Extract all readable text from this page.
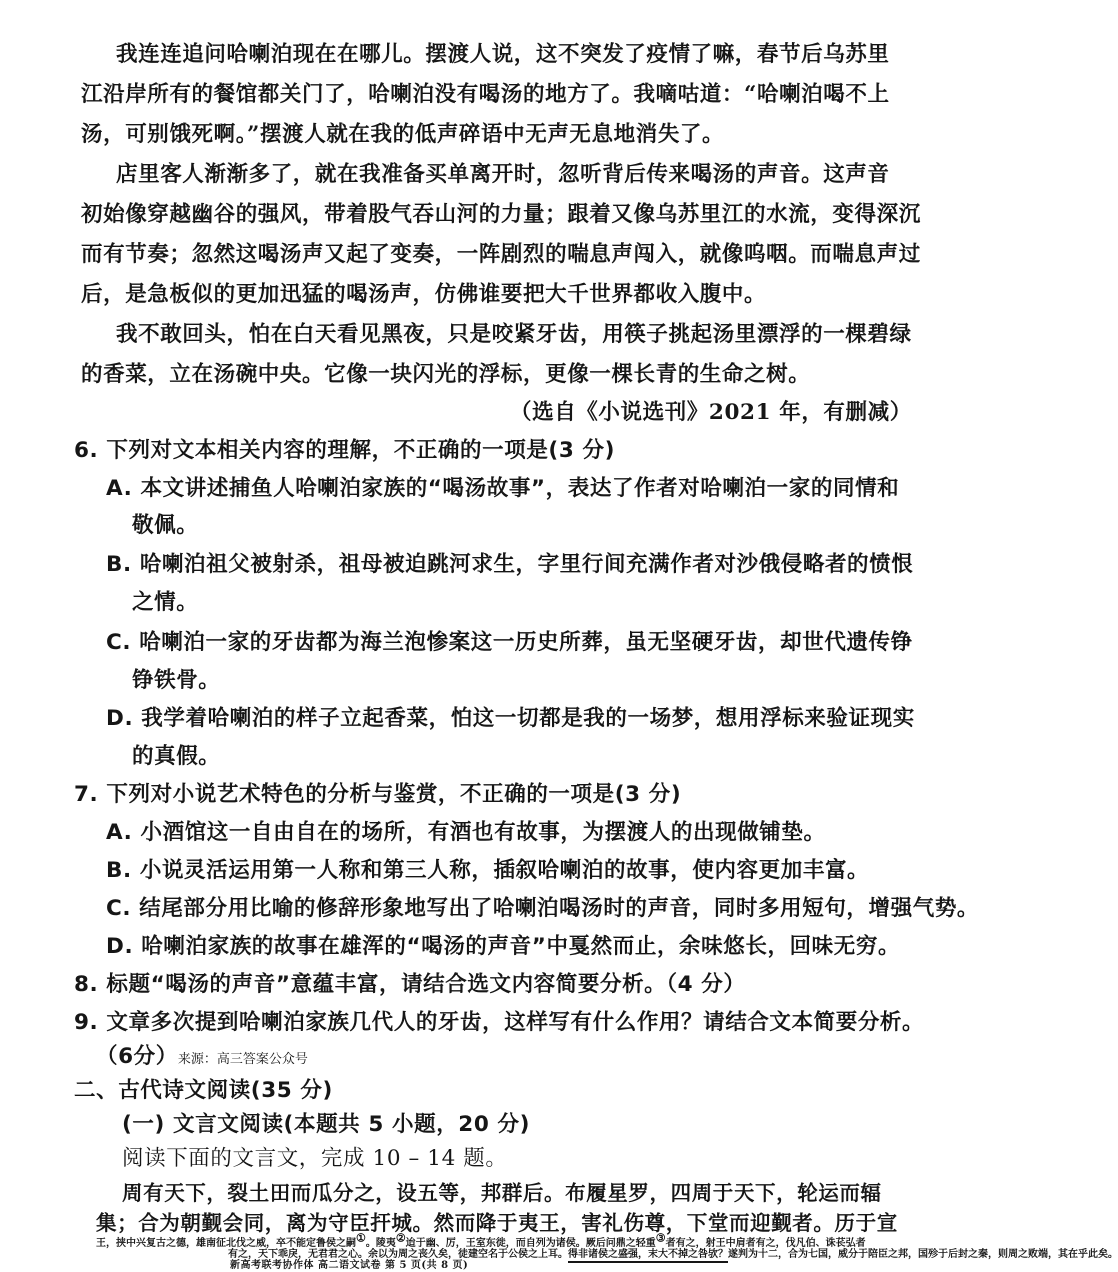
我连连追问哈喇泊现在在哪儿。摆渡人说，这不突发了疫情了嘛，春节后乌苏里
江沿岸所有的餐馆都关门了，哈喇泊没有喝汤的地方了。我嘀咕道：“哈喇泊喝不上
汤，可别饿死啊。”摆渡人就在我的低声碎语中无声无息地消失了。
店里客人渐渐多了，就在我准备买单离开时，忽听背后传来喝汤的声音。这声音
初始像穿越幽谷的强风，带着股气吞山河的力量；跟着又像乌苏里江的水流，变得深沉
而有节奏；忽然这喝汤声又起了变奏，一阵剧烈的喘息声闯入，就像呜咽。而喘息声过
后，是急板似的更加迅猛的喝汤声，仿佛谁要把大千世界都收入腹中。
我不敢回头，怕在白天看见黑夜，只是咬紧牙齿，用筷子挑起汤里漂浮的一棵碧绿
的香菜，立在汤碗中央。它像一块闪光的浮标，更像一棵长青的生命之树。
（选自《小说选刊》2021 年，有删减）
6. 下列对文本相关内容的理解，不正确的一项是(3 分)
A. 本文讲述捕鱼人哈喇泊家族的“喝汤故事”，表达了作者对哈喇泊一家的同情和
敬佩。
B. 哈喇泊祖父被射杀，祖母被迫跳河求生，字里行间充满作者对沙俄侵略者的愤恨
之情。
C. 哈喇泊一家的牙齿都为海兰泡惨案这一历史所葬，虽无坚硬牙齿，却世代遗传铮
铮铁骨。
D. 我学着哈喇泊的样子立起香菜，怕这一切都是我的一场梦，想用浮标来验证现实
的真假。
7. 下列对小说艺术特色的分析与鉴赏，不正确的一项是(3 分)
A. 小酒馆这一自由自在的场所，有酒也有故事，为摆渡人的出现做铺垫。
B. 小说灵活运用第一人称和第三人称，插叙哈喇泊的故事，使内容更加丰富。
C. 结尾部分用比喻的修辞形象地写出了哈喇泊喝汤时的声音，同时多用短句，增强气势。
D. 哈喇泊家族的故事在雄浑的“喝汤的声音”中戛然而止，余味悠长，回味无穷。
8. 标题“喝汤的声音”意蕴丰富，请结合选文内容简要分析。（4 分）
9. 文章多次提到哈喇泊家族几代人的牙齿，这样写有什么作用？请结合文本简要分析。
（6分）来源：高三答案公众号
二、古代诗文阅读(35 分)
(一) 文言文阅读(本题共 5 小题，20 分)
阅读下面的文言文，完成 10 – 14 题。
周有天下，裂土田而瓜分之，设五等，邦群后。布履星罗，四周于天下，轮运而辐
集；合为朝觐会同，离为守臣扞城。然而降于夷王，害礼伤尊，下堂而迎觐者。历于宣
王，挟中兴复古之德，雄南征北伐之威，卒不能定鲁侯之嗣①。陵夷②迨于幽、厉，王室东徙，而自列为诸侯。厥后问鼎之轻重③者有之，射王中肩者有之，伐凡伯、诛苌弘者
有之，天下乖戾，无君君之心。余以为周之丧久矣，徒建空名于公侯之上耳。得非诸侯之盛强，末大不掉之咎欤？遂判为十二，合为七国，威分于陪臣之邦，国殄于后封之秦，则周之败端，其在乎此矣。
新高考联考协作体 高二语文试卷 第 5 页(共 8 页)
